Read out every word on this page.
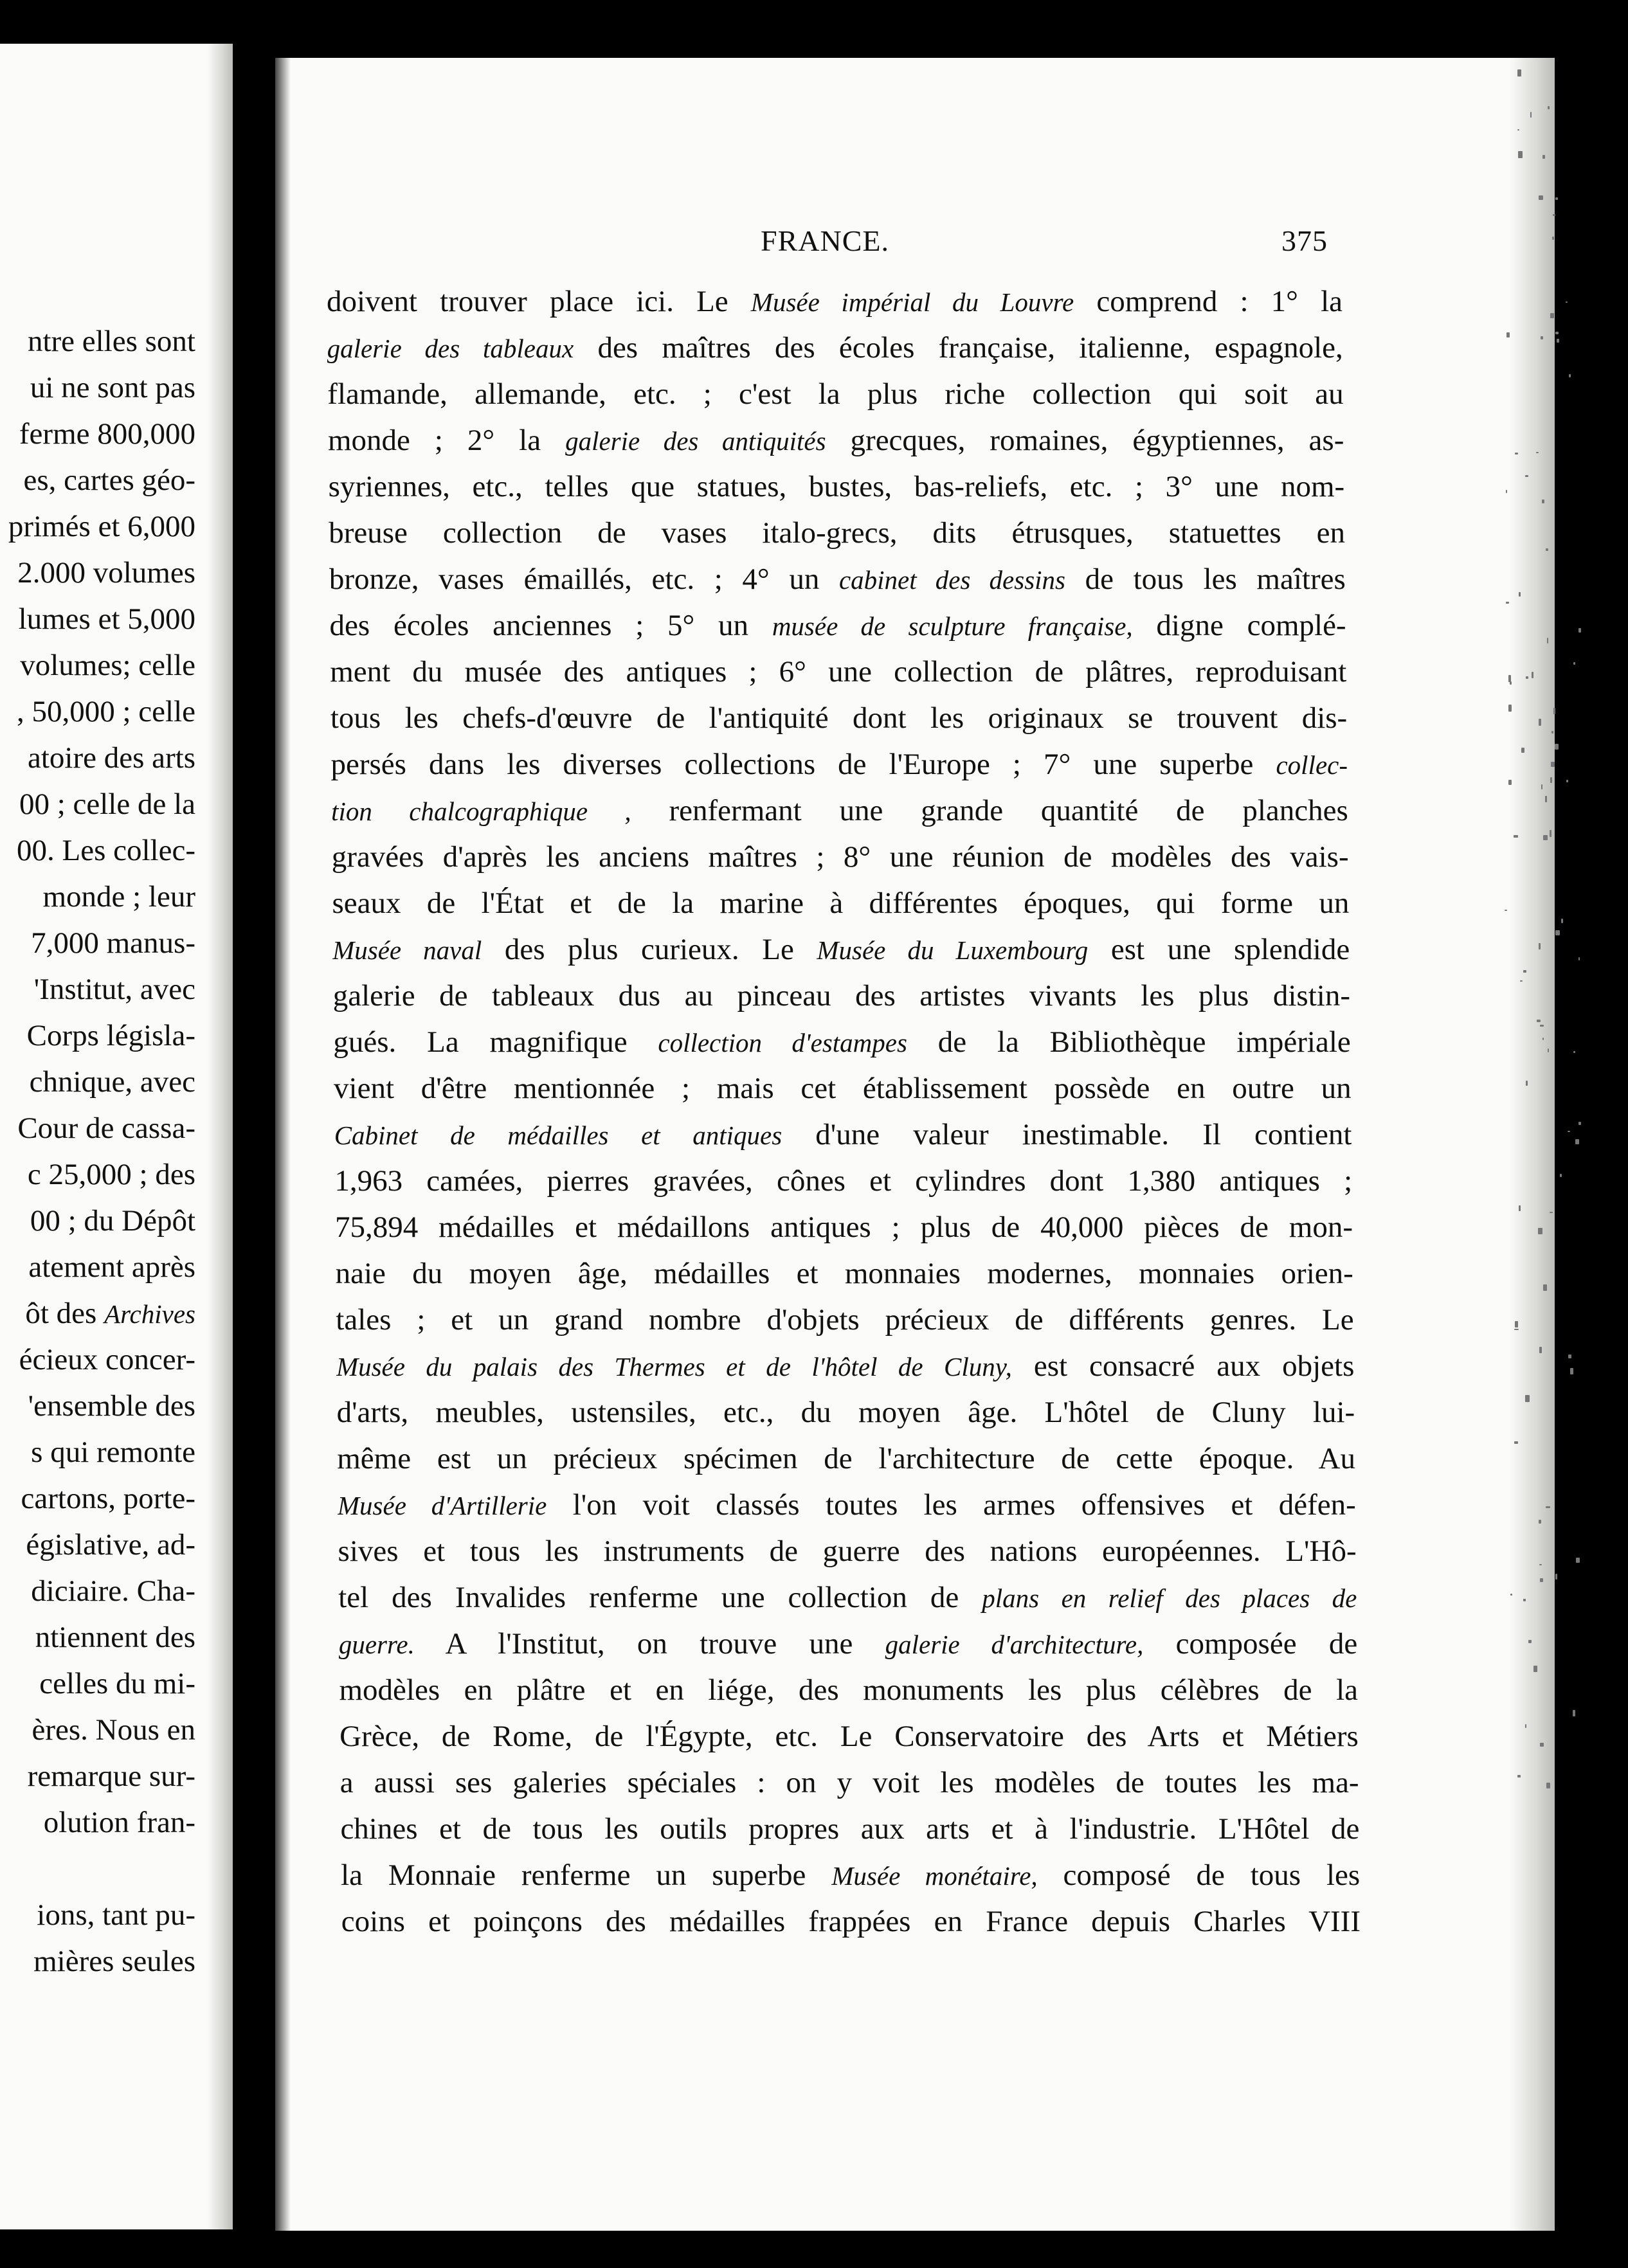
ntre elles sont
ui ne sont pas
ferme 800,000
es, cartes géo-
primés et 6,000
2.000 volumes
lumes et 5,000
volumes; celle
, 50,000 ; celle
atoire des arts
00 ; celle de la
00. Les collec-
monde ; leur
7,000 manus-
'Institut, avec
Corps législa-
chnique, avec
Cour de cassa-
c 25,000 ; des
00 ; du Dépôt
atement après
ôt des Archives
écieux concer-
'ensemble des
s qui remonte
cartons, porte-
égislative, ad-
diciaire. Cha-
ntiennent des
celles du mi-
ères. Nous en
remarque sur-
olution fran-
ions, tant pu-
mières seules
FRANCE.	375
doivent trouver place ici. Le Musée impérial du Louvre comprend : 1° la
galerie des tableaux des maîtres des écoles française, italienne, espagnole,
flamande, allemande, etc. ; c'est la plus riche collection qui soit au
monde ; 2° la galerie des antiquités grecques, romaines, égyptiennes, as-
syriennes, etc., telles que statues, bustes, bas-reliefs, etc. ; 3° une nom-
breuse collection de vases italo-grecs, dits étrusques, statuettes en
bronze, vases émaillés, etc. ; 4° un cabinet des dessins de tous les maîtres
des écoles anciennes ; 5° un musée de sculpture française, digne complé-
ment du musée des antiques ; 6° une collection de plâtres, reproduisant
tous les chefs-d'œuvre de l'antiquité dont les originaux se trouvent dis-
persés dans les diverses collections de l'Europe ; 7° une superbe collec-
tion chalcographique , renfermant une grande quantité de planches
gravées d'après les anciens maîtres ; 8° une réunion de modèles des vais-
seaux de l'État et de la marine à différentes époques, qui forme un
Musée naval des plus curieux. Le Musée du Luxembourg est une splendide
galerie de tableaux dus au pinceau des artistes vivants les plus distin-
gués. La magnifique collection d'estampes de la Bibliothèque impériale
vient d'être mentionnée ; mais cet établissement possède en outre un
Cabinet de médailles et antiques d'une valeur inestimable. Il contient
1,963 camées, pierres gravées, cônes et cylindres dont 1,380 antiques ;
75,894 médailles et médaillons antiques ; plus de 40,000 pièces de mon-
naie du moyen âge, médailles et monnaies modernes, monnaies orien-
tales ; et un grand nombre d'objets précieux de différents genres. Le
Musée du palais des Thermes et de l'hôtel de Cluny, est consacré aux objets
d'arts, meubles, ustensiles, etc., du moyen âge. L'hôtel de Cluny lui-
même est un précieux spécimen de l'architecture de cette époque. Au
Musée d'Artillerie l'on voit classés toutes les armes offensives et défen-
sives et tous les instruments de guerre des nations européennes. L'Hô-
tel des Invalides renferme une collection de plans en relief des places de
guerre. A l'Institut, on trouve une galerie d'architecture, composée de
modèles en plâtre et en liége, des monuments les plus célèbres de la
Grèce, de Rome, de l'Égypte, etc. Le Conservatoire des Arts et Métiers
a aussi ses galeries spéciales : on y voit les modèles de toutes les ma-
chines et de tous les outils propres aux arts et à l'industrie. L'Hôtel de
la Monnaie renferme un superbe Musée monétaire, composé de tous les
coins et poinçons des médailles frappées en France depuis Charles VIII
